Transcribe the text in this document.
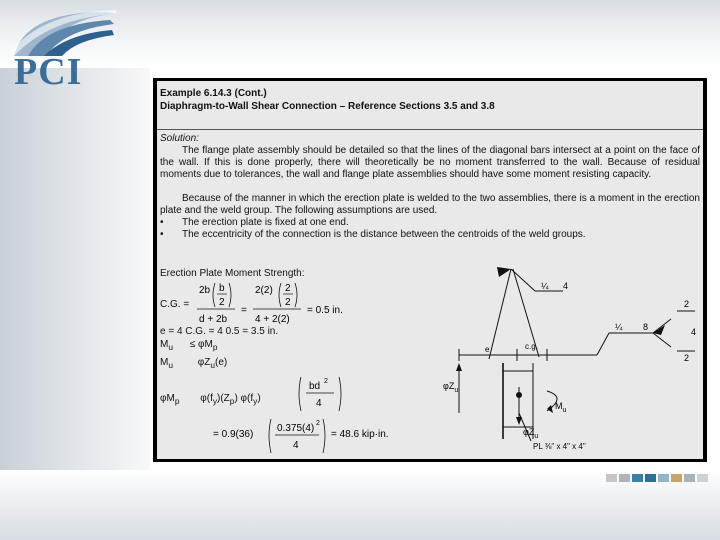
PCI
Example 6.14.3 (Cont.)
Diaphragm-to-Wall Shear Connection – Reference Sections 3.5 and 3.8
Solution:
The flange plate assembly should be detailed so that the lines of the diagonal bars intersect at a point on the face of the wall. If this is done properly, there will theoretically be no moment transferred to the wall. Because of residual moments due to tolerances, the wall and flange plate assemblies should have some moment resisting capacity.
Because of the manner in which the erection plate is welded to the two assemblies, there is a moment in the erection plate and the weld group. The following assumptions are used.
• The erection plate is fixed at one end.
• The eccentricity of the connection is the distance between the centroids of the weld groups.
Erection Plate Moment Strength:
C.G. =
2b b
2
d + 2b
=
2(2) 2
2
4 + 2(2)
= 0.5 in.
e = 4 C.G. = 4 0.5 = 3.5 in.
$M_u \le \varphi M_p$
$M_u$ $\varphi Z_u(e)$
$\varphi M_p$ $\varphi(f_y)(Z_p)$ $\varphi(f_y)$
bd 2
4
= 0.9(36)
0.375(4) 2
4
= 48.6 kip·in.
¼ 4
¼ 8
2
4
2
e	c.g.
$\varphi Z_u$
$\varphi Z_u$
$M_u$
PL ⅜" x 4" x 4"
